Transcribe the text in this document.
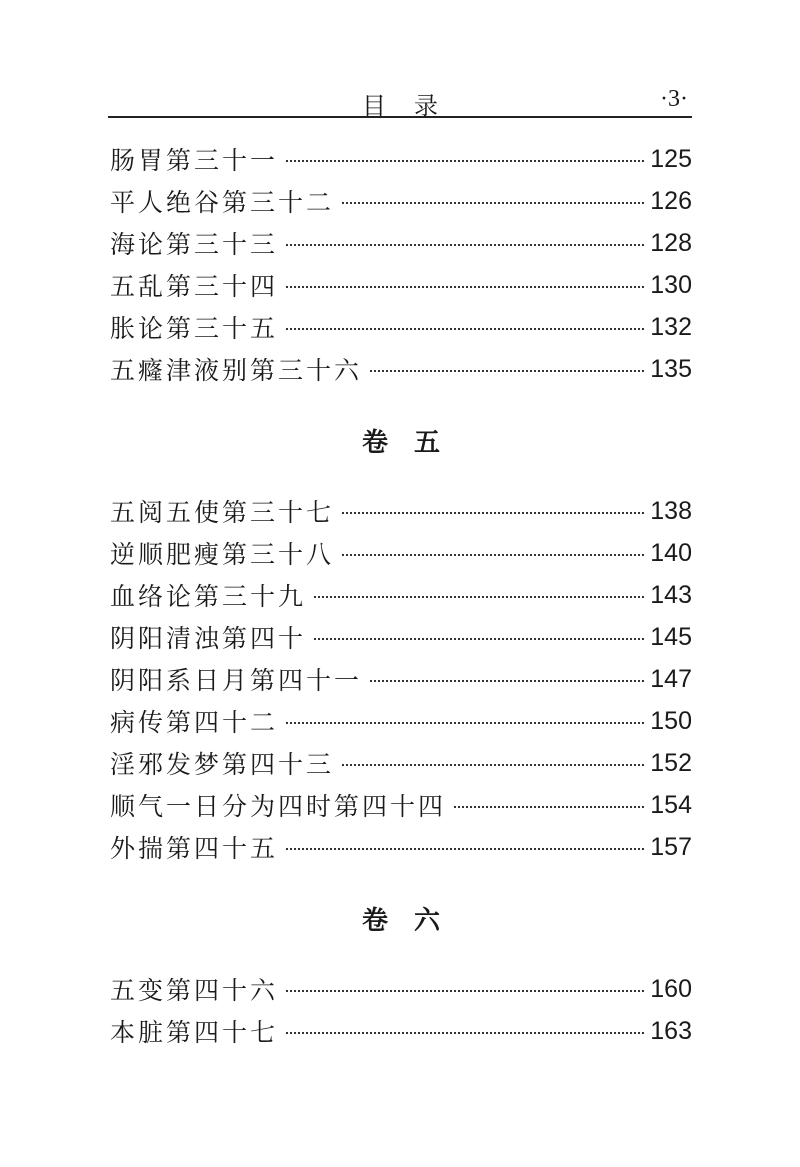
目录	·3·
肠胃第三十一	125
平人绝谷第三十二	126
海论第三十三	128
五乱第三十四	130
胀论第三十五	132
五癃津液别第三十六	135
卷五
五阅五使第三十七	138
逆顺肥瘦第三十八	140
血络论第三十九	143
阴阳清浊第四十	145
阴阳系日月第四十一	147
病传第四十二	150
淫邪发梦第四十三	152
顺气一日分为四时第四十四	154
外揣第四十五	157
卷六
五变第四十六	160
本脏第四十七	163
